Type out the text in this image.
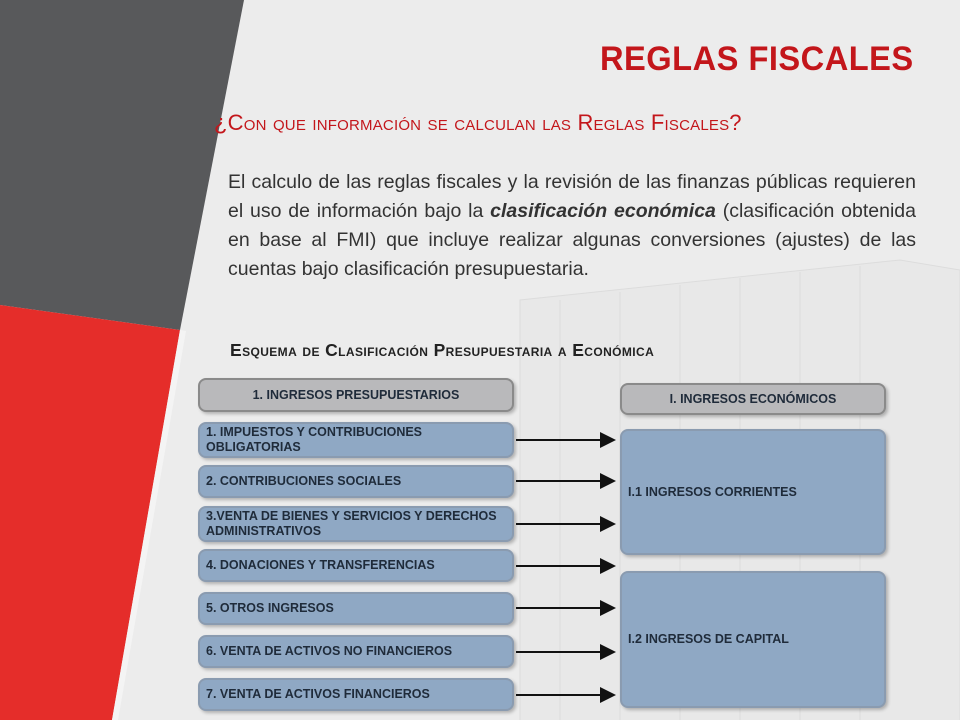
REGLAS FISCALES
¿Con que información se calculan las Reglas Fiscales?
El calculo de las reglas fiscales y la revisión de las finanzas públicas requieren el uso de información bajo la clasificación económica (clasificación obtenida en base al FMI) que incluye realizar algunas conversiones (ajustes) de las cuentas bajo clasificación presupuestaria.
Esquema de Clasificación Presupuestaria a Económica
1. INGRESOS PRESUPUESTARIOS
1. IMPUESTOS Y CONTRIBUCIONES OBLIGATORIAS
2. CONTRIBUCIONES SOCIALES
3.VENTA DE BIENES Y SERVICIOS Y DERECHOS ADMINISTRATIVOS
4. DONACIONES Y TRANSFERENCIAS
5. OTROS INGRESOS
6. VENTA DE ACTIVOS NO FINANCIEROS
7. VENTA DE ACTIVOS FINANCIEROS
I. INGRESOS ECONÓMICOS
I.1 INGRESOS CORRIENTES
I.2 INGRESOS DE CAPITAL
